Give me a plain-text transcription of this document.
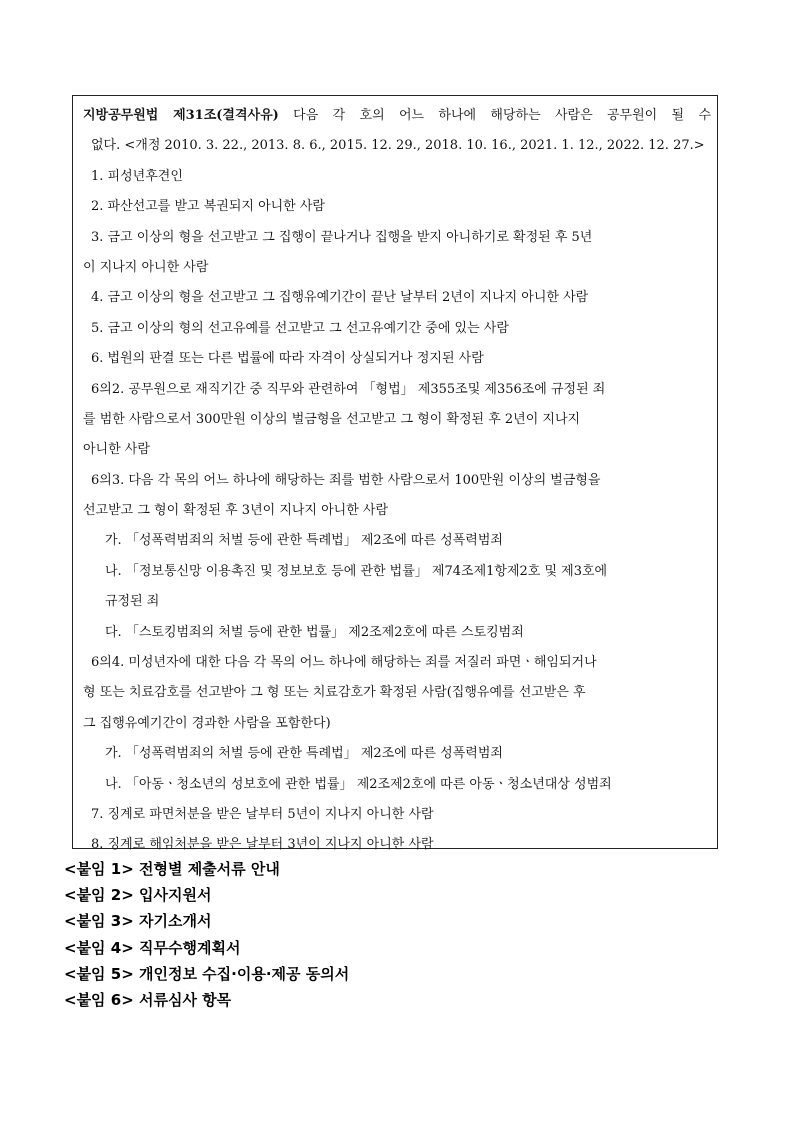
지방공무원법 제31조(결격사유) 다음 각 호의 어느 하나에 해당하는 사람은 공무원이 될 수
없다. <개정 2010. 3. 22., 2013. 8. 6., 2015. 12. 29., 2018. 10. 16., 2021. 1. 12., 2022. 12. 27.>
1. 피성년후견인
2. 파산선고를 받고 복권되지 아니한 사람
3. 금고 이상의 형을 선고받고 그 집행이 끝나거나 집행을 받지 아니하기로 확정된 후 5년
이 지나지 아니한 사람
4. 금고 이상의 형을 선고받고 그 집행유예기간이 끝난 날부터 2년이 지나지 아니한 사람
5. 금고 이상의 형의 선고유예를 선고받고 그 선고유예기간 중에 있는 사람
6. 법원의 판결 또는 다른 법률에 따라 자격이 상실되거나 정지된 사람
6의2. 공무원으로 재직기간 중 직무와 관련하여 「형법」 제355조및 제356조에 규정된 죄
를 범한 사람으로서 300만원 이상의 벌금형을 선고받고 그 형이 확정된 후 2년이 지나지
아니한 사람
6의3. 다음 각 목의 어느 하나에 해당하는 죄를 범한 사람으로서 100만원 이상의 벌금형을
선고받고 그 형이 확정된 후 3년이 지나지 아니한 사람
가. 「성폭력범죄의 처벌 등에 관한 특례법」 제2조에 따른 성폭력범죄
나. 「정보통신망 이용촉진 및 정보보호 등에 관한 법률」 제74조제1항제2호 및 제3호에
규정된 죄
다. 「스토킹범죄의 처벌 등에 관한 법률」 제2조제2호에 따른 스토킹범죄
6의4. 미성년자에 대한 다음 각 목의 어느 하나에 해당하는 죄를 저질러 파면ㆍ해임되거나
형 또는 치료감호를 선고받아 그 형 또는 치료감호가 확정된 사람(집행유예를 선고받은 후
그 집행유예기간이 경과한 사람을 포함한다)
가. 「성폭력범죄의 처벌 등에 관한 특례법」 제2조에 따른 성폭력범죄
나. 「아동ㆍ청소년의 성보호에 관한 법률」 제2조제2호에 따른 아동ㆍ청소년대상 성범죄
7. 징계로 파면처분을 받은 날부터 5년이 지나지 아니한 사람
8. 징계로 해임처분을 받은 날부터 3년이 지나지 아니한 사람
<붙임 1> 전형별 제출서류 안내
<붙임 2> 입사지원서
<붙임 3> 자기소개서
<붙임 4> 직무수행계획서
<붙임 5> 개인정보 수집·이용·제공 동의서
<붙임 6> 서류심사 항목
